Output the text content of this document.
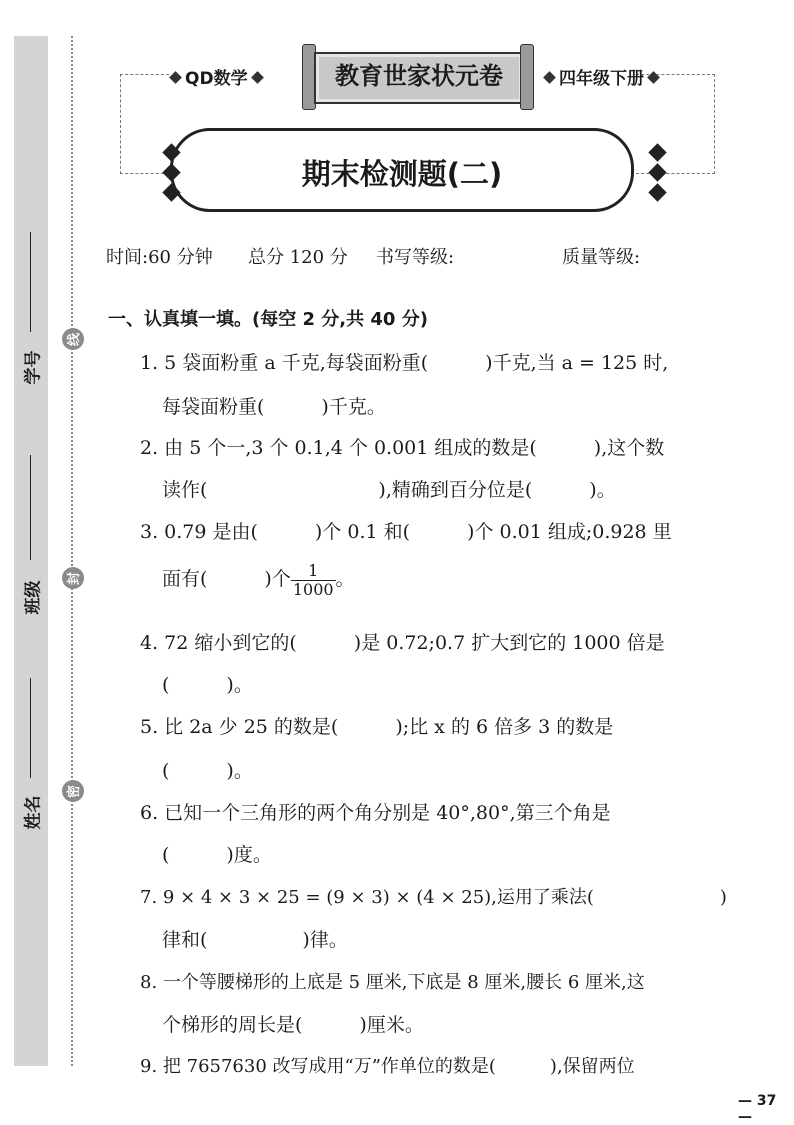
学号
班级
姓名
线
封
密
QD数学	教育世家状元卷	四年级下册
期末检测题(二)
时间:60 分钟 总分 120 分 书写等级:	质量等级:
一、认真填一填。(每空 2 分,共 40 分)
1. 5 袋面粉重 a 千克,每袋面粉重(　　　)千克,当 a = 125 时,
每袋面粉重(　　　)千克。
2. 由 5 个一,3 个 0.1,4 个 0.001 组成的数是(　　　),这个数
读作(　　　　　　　　　),精确到百分位是(　　　)。
3. 0.79 是由(　　　)个 0.1 和(　　　)个 0.01 组成;0.928 里
面有(　　　)个 $\frac{1}{1000}$ 。
4. 72 缩小到它的(　　　)是 0.72;0.7 扩大到它的 1000 倍是
(　　　)。
5. 比 2a 少 25 的数是(　　　);比 x 的 6 倍多 3 的数是
(　　　)。
6. 已知一个三角形的两个角分别是 40°,80°,第三个角是
(　　　)度。
7. 9 × 4 × 3 × 25 = (9 × 3) × (4 × 25),运用了乘法(　　　　　　　)
律和(　　　　　)律。
8. 一个等腰梯形的上底是 5 厘米,下底是 8 厘米,腰长 6 厘米,这
个梯形的周长是(　　　)厘米。
9. 把 7657630 改写成用“万”作单位的数是(　　　),保留两位
— 37 —
